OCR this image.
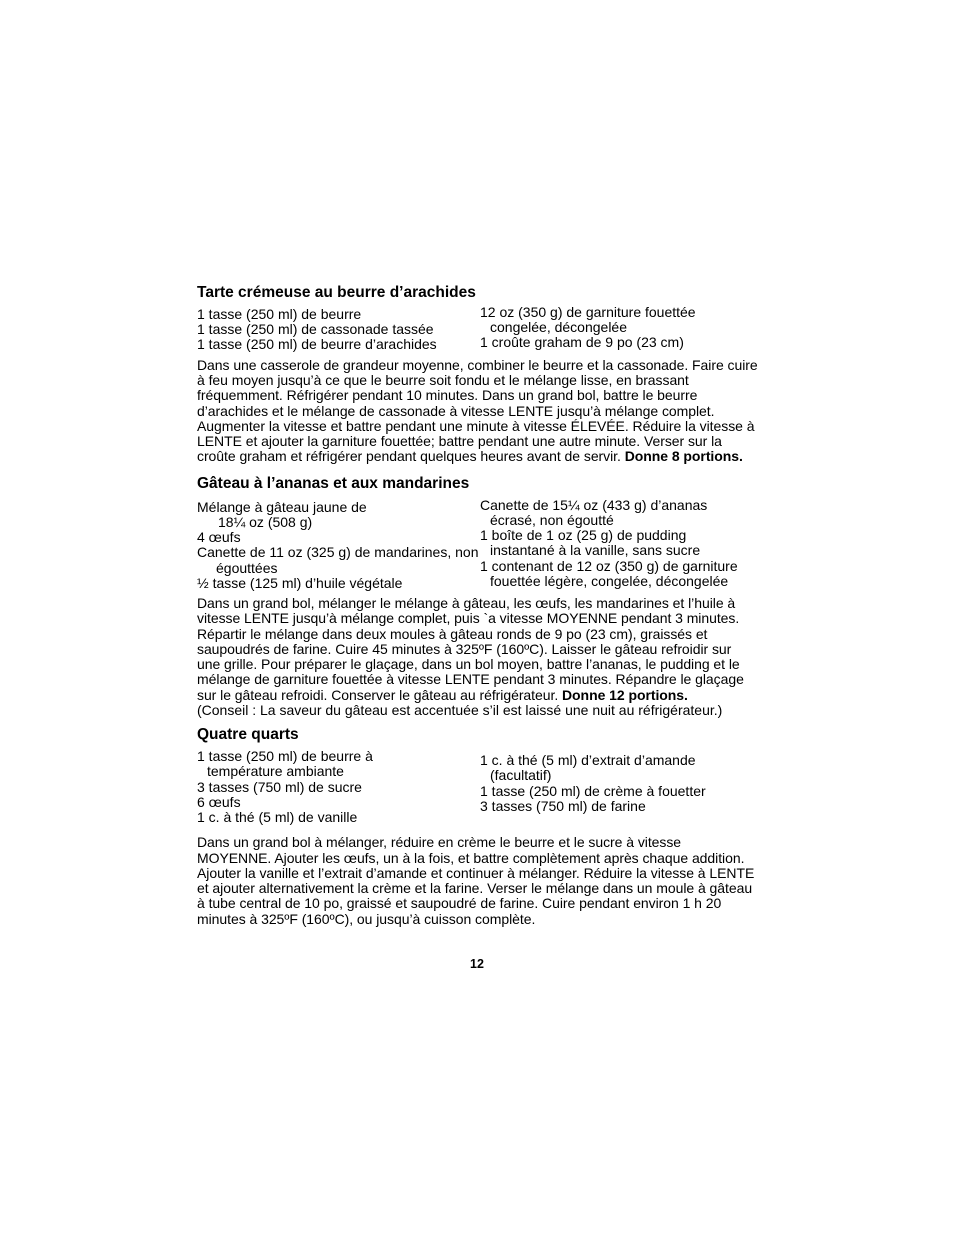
Tarte crémeuse au beurre d’arachides

1 tasse (250 ml) de beurre

1 tasse (250 ml) de cassonade tassée

1 tasse (250 ml) de beurre d’arachides

12 oz (350 g) de garniture fouettée congelée, décongelée

1 croûte graham de 9 po (23 cm)

Dans une casserole de grandeur moyenne, combiner le beurre et la cassonade. Faire cuire à feu moyen jusqu’à ce que le beurre soit fondu et le mélange lisse, en brassant fréquemment. Réfrigérer pendant 10 minutes. Dans un grand bol, battre le beurre d’arachides et le mélange de cassonade à vitesse LENTE jusqu’à mélange complet. Augmenter la vitesse et battre pendant une minute à vitesse ÉLEVÉE. Réduire la vitesse à LENTE et ajouter la garniture fouettée; battre pendant une autre minute. Verser sur la croûte graham et réfrigérer pendant quelques heures avant de servir. Donne 8 portions.

Gâteau à l’ananas et aux mandarines

Mélange à gâteau jaune de 18¼ oz (508 g)

4 œufs

Canette de 11 oz (325 g) de mandarines, non égouttées

½ tasse (125 ml) d’huile végétale

Canette de 15¼ oz (433 g) d’ananas écrasé, non égoutté

1 boîte de 1 oz (25 g) de pudding instantané à la vanille, sans sucre

1 contenant de 12 oz (350 g) de garniture fouettée légère, congelée, décongelée

Dans un grand bol, mélanger le mélange à gâteau, les œufs, les mandarines et l’huile à vitesse LENTE jusqu’à mélange complet, puis `a vitesse MOYENNE pendant 3 minutes. Répartir le mélange dans deux moules à gâteau ronds de 9 po (23 cm), graissés et saupoudrés de farine. Cuire 45 minutes à 325ºF (160ºC). Laisser le gâteau refroidir sur une grille. Pour préparer le glaçage, dans un bol moyen, battre l’ananas, le pudding et le mélange de garniture fouettée à vitesse LENTE pendant 3 minutes. Répandre le glaçage sur le gâteau refroidi. Conserver le gâteau au réfrigérateur. Donne 12 portions.

(Conseil : La saveur du gâteau est accentuée s’il est laissé une nuit au réfrigérateur.)

Quatre quarts

1 tasse (250 ml) de beurre à température ambiante

3 tasses (750 ml) de sucre

6 œufs

1 c. à thé (5 ml) de vanille

1 c. à thé (5 ml) d’extrait d’amande (facultatif)

1 tasse (250 ml) de crème à fouetter

3 tasses (750 ml) de farine

Dans un grand bol à mélanger, réduire en crème le beurre et le sucre à vitesse MOYENNE. Ajouter les œufs, un à la fois, et battre complètement après chaque addition. Ajouter la vanille et l’extrait d’amande et continuer à mélanger. Réduire la vitesse à LENTE et ajouter alternativement la crème et la farine. Verser le mélange dans un moule à gâteau à tube central de 10 po, graissé et saupoudré de farine. Cuire pendant environ 1 h 20 minutes à 325ºF (160ºC), ou jusqu’à cuisson complète.

12
